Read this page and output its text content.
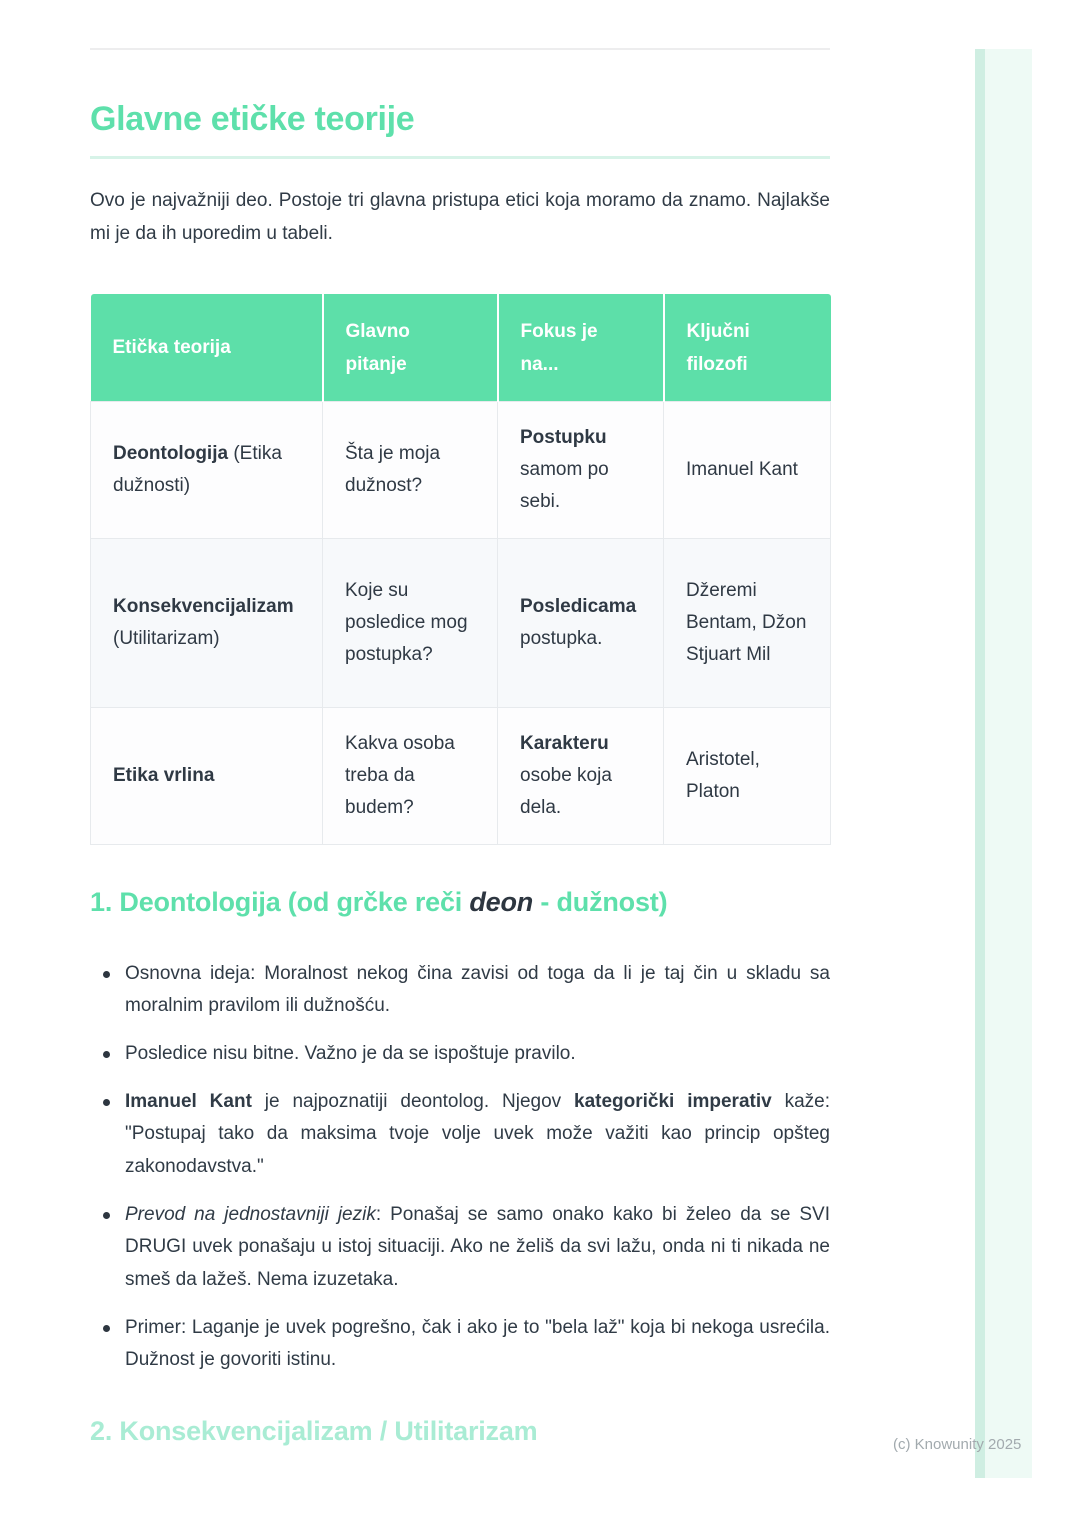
Glavne etičke teorije

Ovo je najvažniji deo. Postoje tri glavna pristupa etici koja moramo da znamo. Najlakše mi je da ih uporedim u tabeli.

Etička teorija	Glavno pitanje	Fokus je na...	Ključni filozofi
Deontologija (Etika dužnosti)	Šta je moja dužnost?	Postupku samom po sebi.	Imanuel Kant
Konsekvencijalizam (Utilitarizam)	Koje su posledice mog postupka?	Posledicama postupka.	Džeremi Bentam, Džon Stjuart Mil
Etika vrlina	Kakva osoba treba da budem?	Karakteru osobe koja dela.	Aristotel, Platon
1. Deontologija (od grčke reči deon - dužnost)
Osnovna ideja: Moralnost nekog čina zavisi od toga da li je taj čin u skladu sa moralnim pravilom ili dužnošću.
Posledice nisu bitne. Važno je da se ispoštuje pravilo.
Imanuel Kant je najpoznatiji deontolog. Njegov kategorički imperativ kaže: "Postupaj tako da maksima tvoje volje uvek može važiti kao princip opšteg zakonodavstva."
Prevod na jednostavniji jezik: Ponašaj se samo onako kako bi želeo da se SVI DRUGI uvek ponašaju u istoj situaciji. Ako ne želiš da svi lažu, onda ni ti nikada ne smeš da lažeš. Nema izuzetaka.
Primer: Laganje je uvek pogrešno, čak i ako je to "bela laž" koja bi nekoga usrećila. Dužnost je govoriti istinu.
2. Konsekvencijalizam / Utilitarizam	(c) Knowunity 2025
